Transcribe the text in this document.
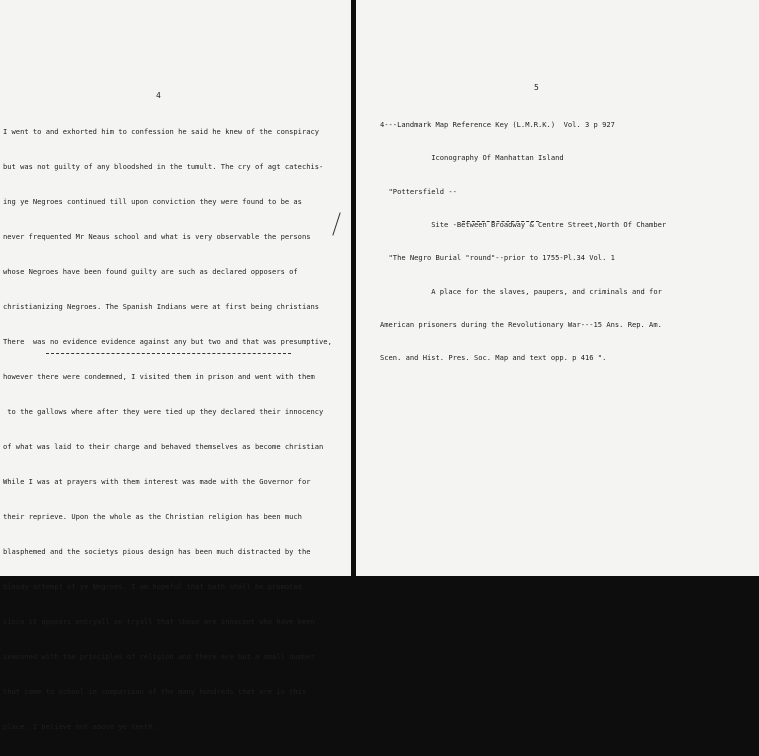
4

I went to and exhorted him to confession he said he knew of the conspiracy

but was not guilty of any bloodshed in the tumult. The cry of agt catechis-

ing ye Negroes continued till upon conviction they were found to be as

never frequented Mr Neaus school and what is very observable the persons

whose Negroes have been found guilty are such as declared opposers of

christianizing Negroes. The Spanish Indians were at first being christians

There  was no evidence evidence against any but two and that was presumptive,

however there were condemned, I visited them in prison and went with them

to the gallows where after they were tied up they declared their innocency

of what was laid to their charge and behaved themselves as become christian

While I was at prayers with them interest was made with the Governor for

their reprieve. Upon the whole as the Christian religion has been much

blasphemed and the societys pious design has been much distracted by the

bloody attempt of ye Negroes. I am hopeful that both shall be promoted

since it appears entryall on tryall that those are innocent who have been

seasoned with the principles of religion and there are but a small number

that come to school in comparison of the many hundreds that are in this

place. I believe not above ye tenth.

5

4---Landmark Map Reference Key (L.M.R.K.)  Vol. 3 p 927

Iconography Of Manhattan Island

"Pottersfield --

Site -Between Broadway & Centre Street,North Of Chamber

"The Negro Burial "round"--prior to 1755-Pl.34 Vol. 1

A place for the slaves, paupers, and criminals and for

American prisoners during the Revolutionary War---15 Ans. Rep. Am.

Scen. and Hist. Pres. Soc. Map and text opp. p 416 ".
